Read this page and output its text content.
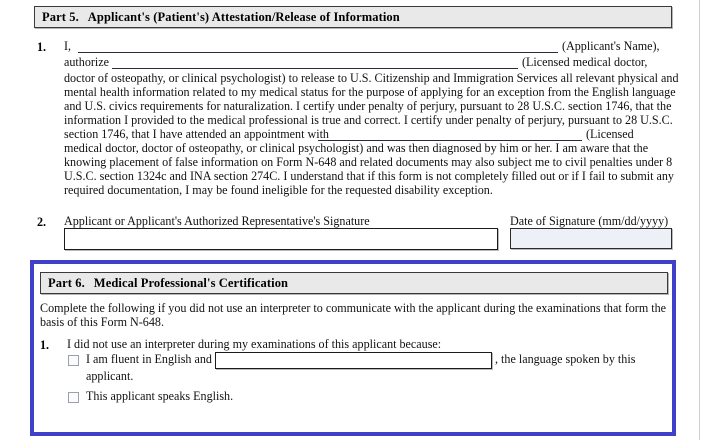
Part 5. Applicant's (Patient's) Attestation/Release of Information
1. I,	(Applicant's Name),
authorize	(Licensed medical doctor,
doctor of osteopathy, or clinical psychologist) to release to U.S. Citizenship and Immigration Services all relevant physical and
mental health information related to my medical status for the purpose of applying for an exception from the English language
and U.S. civics requirements for naturalization. I certify under penalty of perjury, pursuant to 28 U.S.C. section 1746, that the
information I provided to the medical professional is true and correct. I certify under penalty of perjury, pursuant to 28 U.S.C.
section 1746, that I have attended an appointment with	(Licensed
medical doctor, doctor of osteopathy, or clinical psychologist) and was then diagnosed by him or her. I am aware that the
knowing placement of false information on Form N-648 and related documents may also subject me to civil penalties under 8
U.S.C. section 1324c and INA section 274C. I understand that if this form is not completely filled out or if I fail to submit any
required documentation, I may be found ineligible for the requested disability exception.
2. Applicant or Applicant's Authorized Representative's Signature	Date of Signature (mm/dd/yyyy)
Part 6. Medical Professional's Certification
Complete the following if you did not use an interpreter to communicate with the applicant during the examinations that form the
basis of this Form N-648.
1. I did not use an interpreter during my examinations of this applicant because:
I am fluent in English and	, the language spoken by this
applicant.
This applicant speaks English.
